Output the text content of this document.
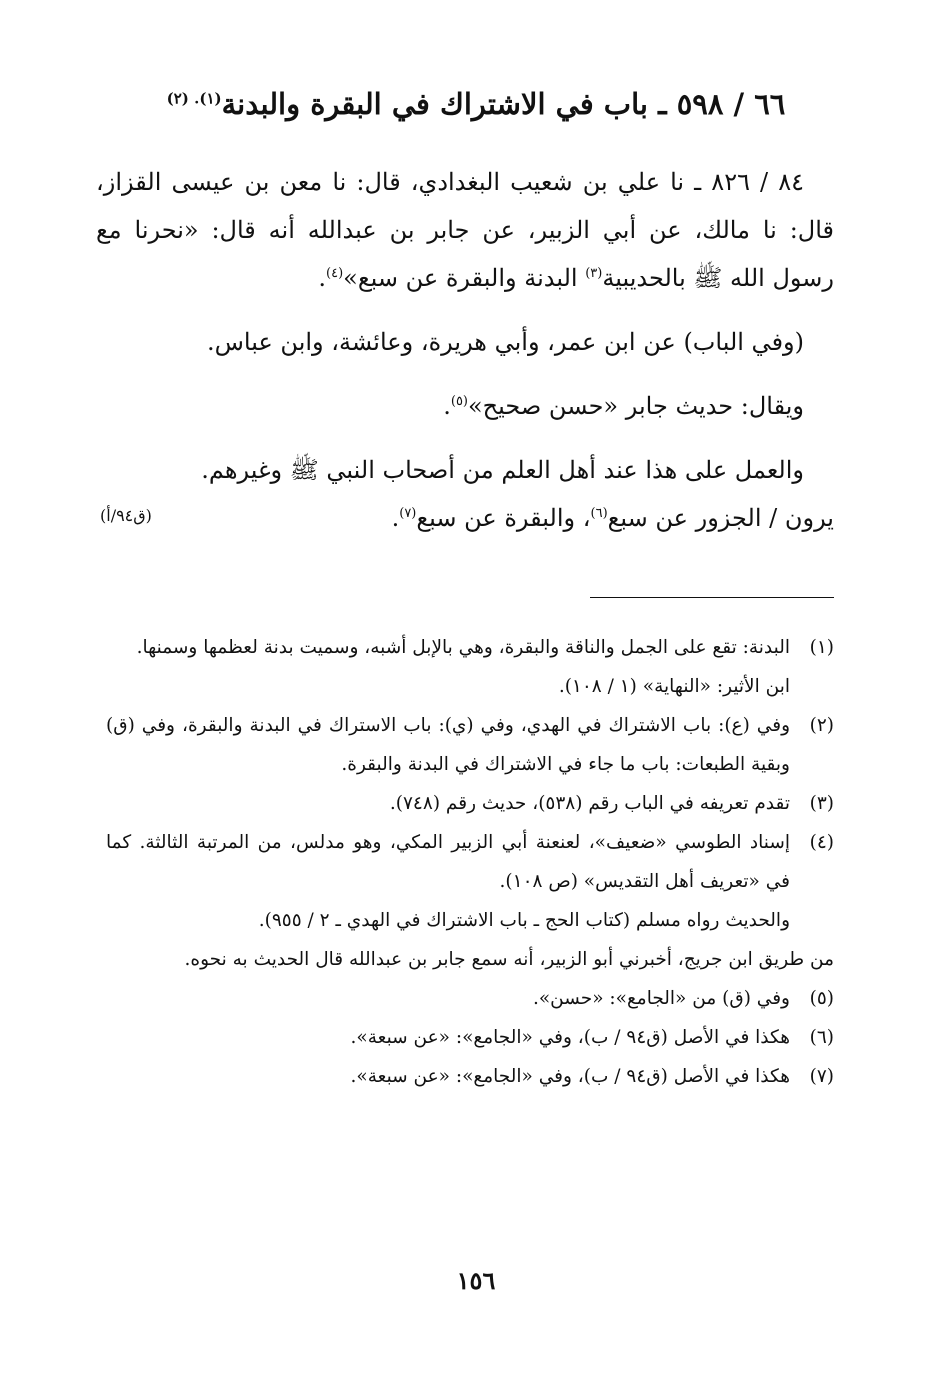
٦٦ / ٥٩٨ ـ باب في الاشتراك في البقرة والبدنة$^{(١). (٢)}$

٨٤ / ٨٢٦ ـ نا علي بن شعيب البغدادي، قال: نا معن بن عيسى القزاز، قال: نا مالك، عن أبي الزبير، عن جابر بن عبدالله أنه قال: «نحرنا مع رسول الله ﷺ بالحديبية$^{(٣)}$ البدنة والبقرة عن سبع»$^{(٤)}$.

(وفي الباب) عن ابن عمر، وأبي هريرة، وعائشة، وابن عباس.

ويقال: حديث جابر «حسن صحيح»$^{(٥)}$.

والعمل على هذا عند أهل العلم من أصحاب النبي ﷺ وغيرهم.
يرون / الجزور عن سبع$^{(٦)}$، والبقرة عن سبع$^{(٧)}$.

(ق٩٤/أ)
(١)
البدنة: تقع على الجمل والناقة والبقرة، وهي بالإبل أشبه، وسميت بدنة لعظمها وسمنها.

ابن الأثير: «النهاية» (١ / ١٠٨).

(٢)
وفي (ع): باب الاشتراك في الهدي، وفي (ي): باب الاستراك في البدنة والبقرة، وفي (ق) وبقية الطبعات: باب ما جاء في الاشتراك في البدنة والبقرة.
(٣)
تقدم تعريفه في الباب رقم (٥٣٨)، حديث رقم (٧٤٨).
(٤)
إسناد الطوسي «ضعيف»، لعنعنة أبي الزبير المكي، وهو مدلس، من المرتبة الثالثة. كما في «تعريف أهل التقديس» (ص ١٠٨).

والحديث رواه مسلم (كتاب الحج ـ باب الاشتراك في الهدي ـ ٢ / ٩٥٥).

من طريق ابن جريج، أخبرني أبو الزبير، أنه سمع جابر بن عبدالله قال الحديث به نحوه.

(٥)
وفي (ق) من «الجامع»: «حسن».
(٦)
هكذا في الأصل (ق٩٤ / ب)، وفي «الجامع»: «عن سبعة».
(٧)
هكذا في الأصل (ق٩٤ / ب)، وفي «الجامع»: «عن سبعة».
١٥٦
